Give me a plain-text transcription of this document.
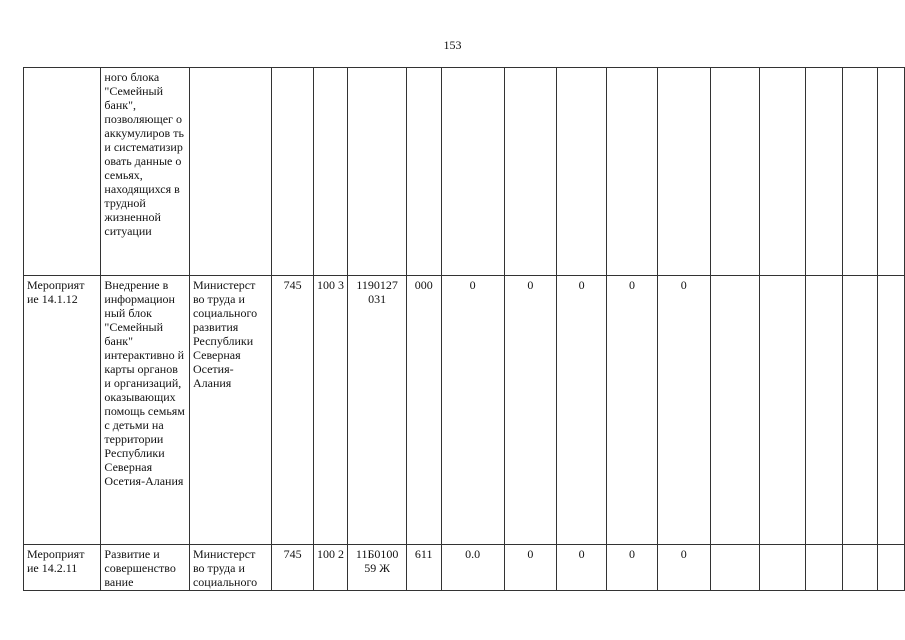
153
	ного блока "Семейный банк", позволяющег о аккумулиров ть и систематизир овать данные о семьях, находящихся в трудной жизненной ситуации															
Мероприят ие 14.1.12	Внедрение в информацион ный блок "Семейный банк" интерактивно й карты органов и организаций, оказывающих помощь семьям с детьми на территории Республики Северная Осетия-Алания	Министерст во труда и социального развития Республики Северная Осетия-Алания	745	100 3	1190127 031	000	0	0	0	0	0					
Мероприят ие 14.2.11	Развитие и совершенство вание	Министерст во труда и социального	745	100 2	11Б0100 59 Ж	611	0.0	0	0	0	0					
